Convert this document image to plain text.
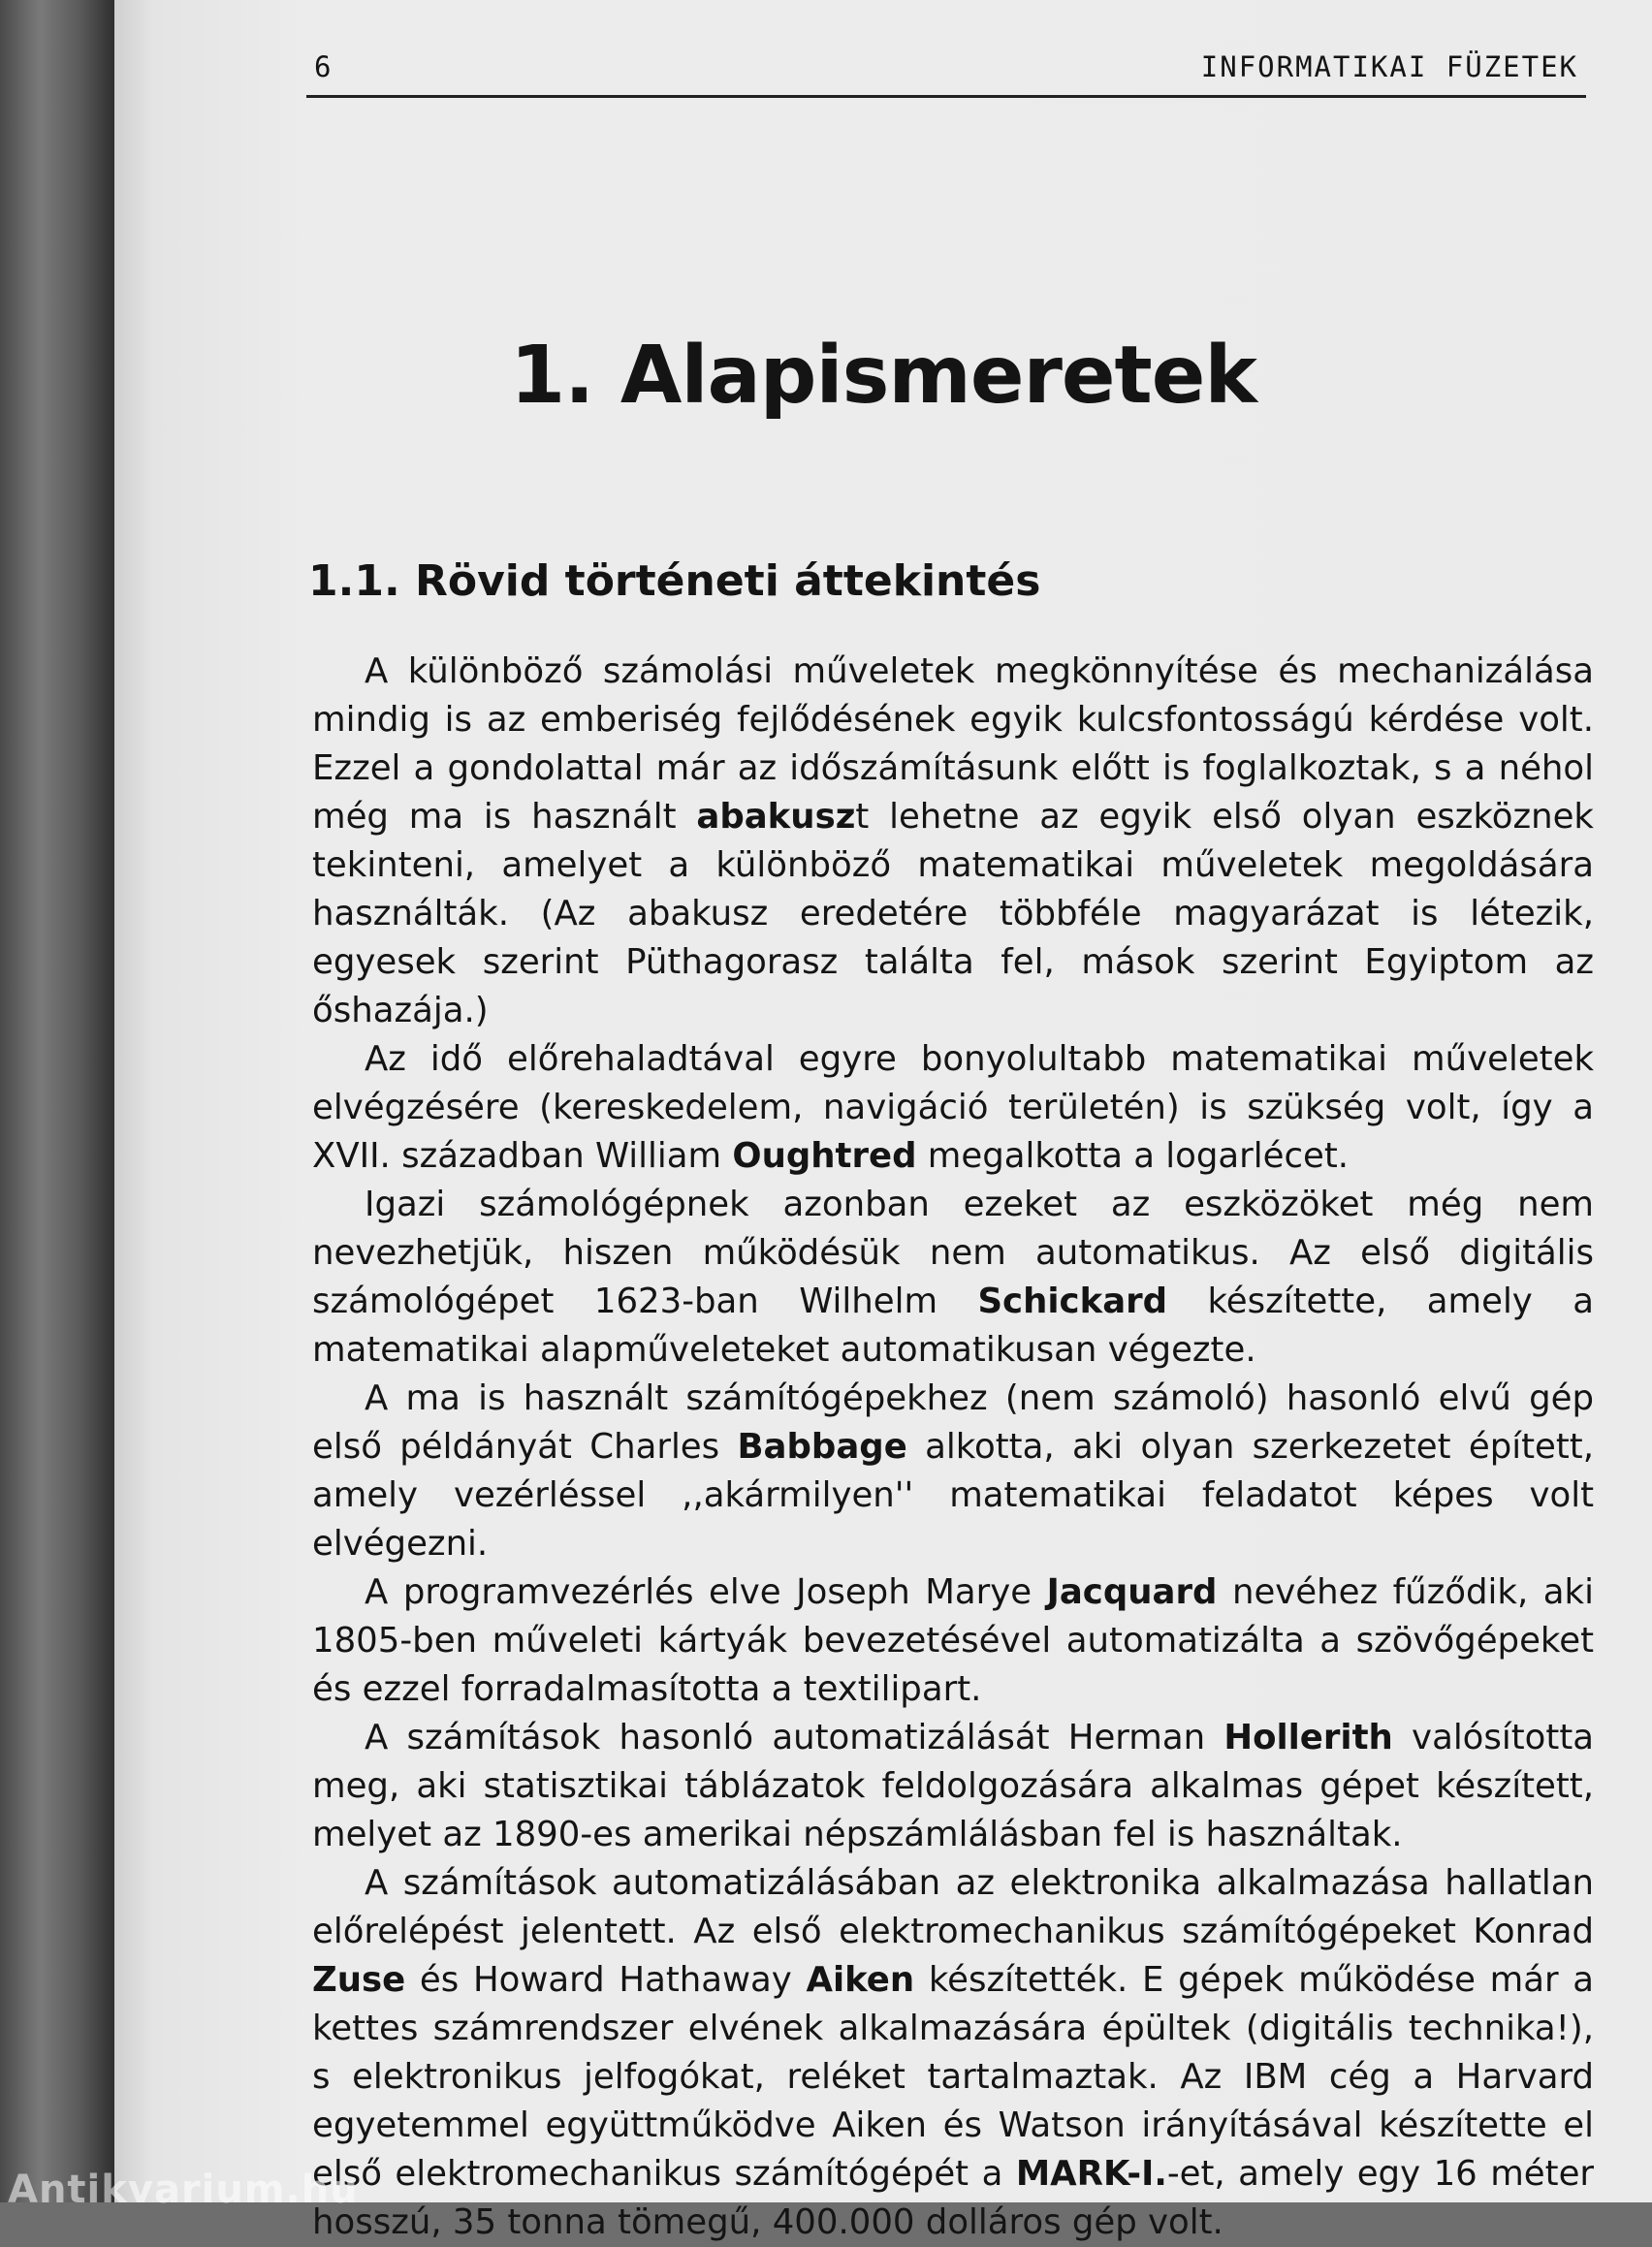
6	INFORMATIKAI FÜZETEK
1. Alapismeretek
1.1. Rövid történeti áttekintés

A különböző számolási műveletek megkönnyítése és mechanizálása mindig is az emberiség fejlődésének egyik kulcsfontosságú kérdése volt. Ezzel a gondolattal már az időszámításunk előtt is foglalkoztak, s a néhol még ma is használt abakuszt lehetne az egyik első olyan eszköznek tekinteni, amelyet a különböző matematikai műveletek megoldására használták. (Az abakusz eredetére többféle magyarázat is létezik, egyesek szerint Püthagorasz találta fel, mások szerint Egyiptom az őshazája.)

Az idő előrehaladtával egyre bonyolultabb matematikai műveletek elvégzésére (kereskedelem, navigáció területén) is szükség volt, így a XVII. században William Oughtred megalkotta a logarlécet.

Igazi számológépnek azonban ezeket az eszközöket még nem nevezhetjük, hiszen működésük nem automatikus. Az első digitális számológépet 1623-ban Wilhelm Schickard készítette, amely a matematikai alapműveleteket automatikusan végezte.

A ma is használt számítógépekhez (nem számoló) hasonló elvű gép első példányát Charles Babbage alkotta, aki olyan szerkezetet épített, amely vezérléssel ,,akármilyen'' matematikai feladatot képes volt elvégezni.

A programvezérlés elve Joseph Marye Jacquard nevéhez fűződik, aki 1805-ben műveleti kártyák bevezetésével automatizálta a szövőgépeket és ezzel forradalmasította a textilipart.

A számítások hasonló automatizálását Herman Hollerith valósította meg, aki statisztikai táblázatok feldolgozására alkalmas gépet készített, melyet az 1890-es amerikai népszámlálásban fel is használtak.

A számítások automatizálásában az elektronika alkalmazása hallatlan előrelépést jelentett. Az első elektromechanikus számítógépeket Konrad Zuse és Howard Hathaway Aiken készítették. E gépek működése már a kettes számrendszer elvének alkalmazására épültek (digitális technika!), s elektronikus jelfogókat, reléket tartalmaztak. Az IBM cég a Harvard egyetemmel együttműködve Aiken és Watson irányításával készítette el első elektromechanikus számítógépét a MARK-I.-et, amely egy 16 méter hosszú, 35 tonna tömegű, 400.000 dolláros gép volt.

Antikvarium.hu
